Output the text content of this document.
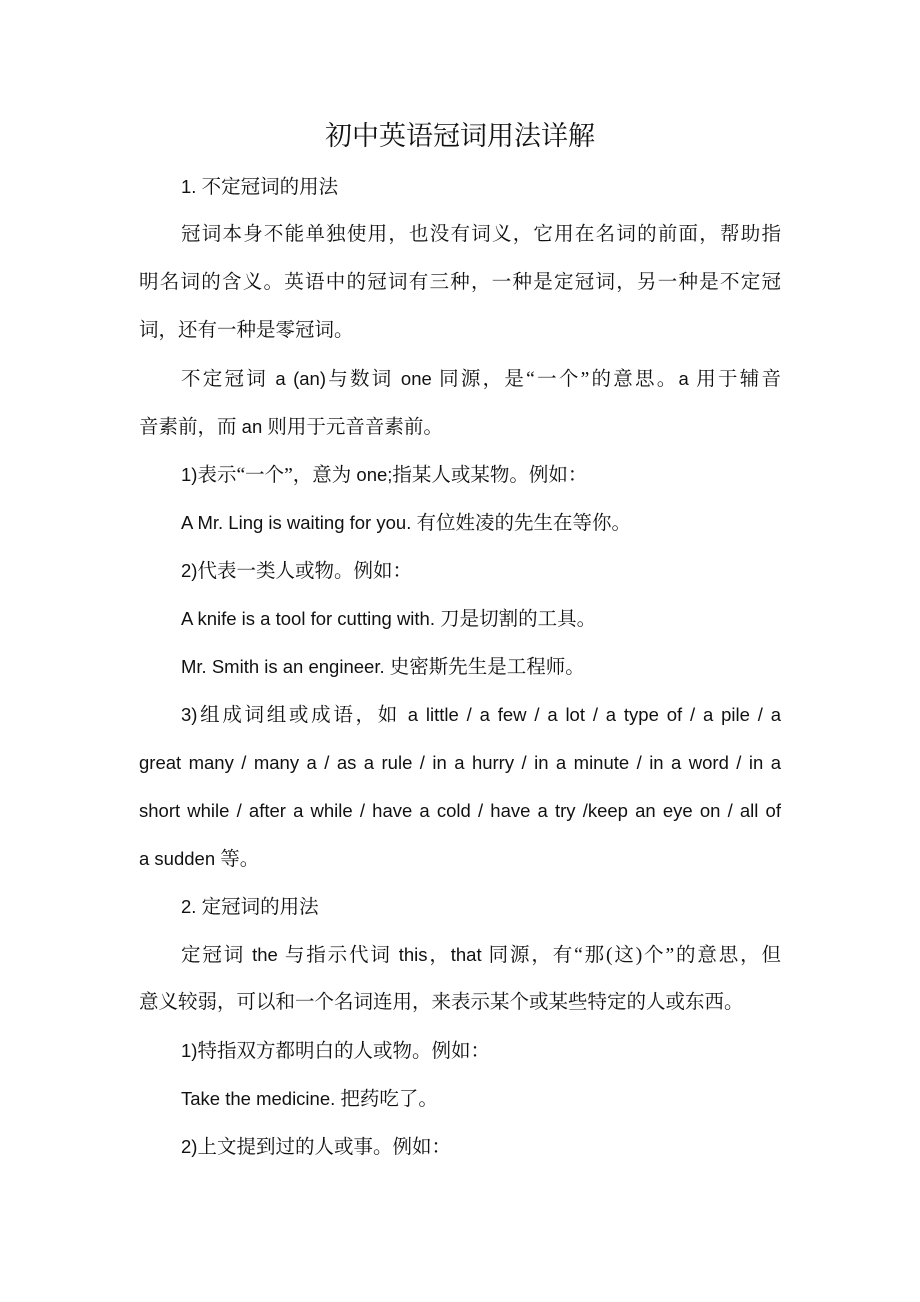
初中英语冠词用法详解
1. 不定冠词的用法
冠词本身不能单独使用，也没有词义，它用在名词的前面，帮助指
明名词的含义。英语中的冠词有三种，一种是定冠词，另一种是不定冠
词，还有一种是零冠词。
不定冠词 a (an)与数词 one 同源，是“一个”的意思。a 用于辅音
音素前，而 an 则用于元音音素前。
1)表示“一个”，意为 one;指某人或某物。例如：
A Mr. Ling is waiting for you. 有位姓凌的先生在等你。
2)代表一类人或物。例如：
A knife is a tool for cutting with. 刀是切割的工具。
Mr. Smith is an engineer. 史密斯先生是工程师。
3)组成词组或成语，如 a little / a few / a lot / a type of / a pile / a
great many / many a / as a rule / in a hurry / in a minute / in a word / in a
short while / after a while / have a cold / have a try /keep an eye on / all of
a sudden 等。
2. 定冠词的用法
定冠词 the 与指示代词 this，that 同源，有“那(这)个”的意思，但
意义较弱，可以和一个名词连用，来表示某个或某些特定的人或东西。
1)特指双方都明白的人或物。例如：
Take the medicine. 把药吃了。
2)上文提到过的人或事。例如：
